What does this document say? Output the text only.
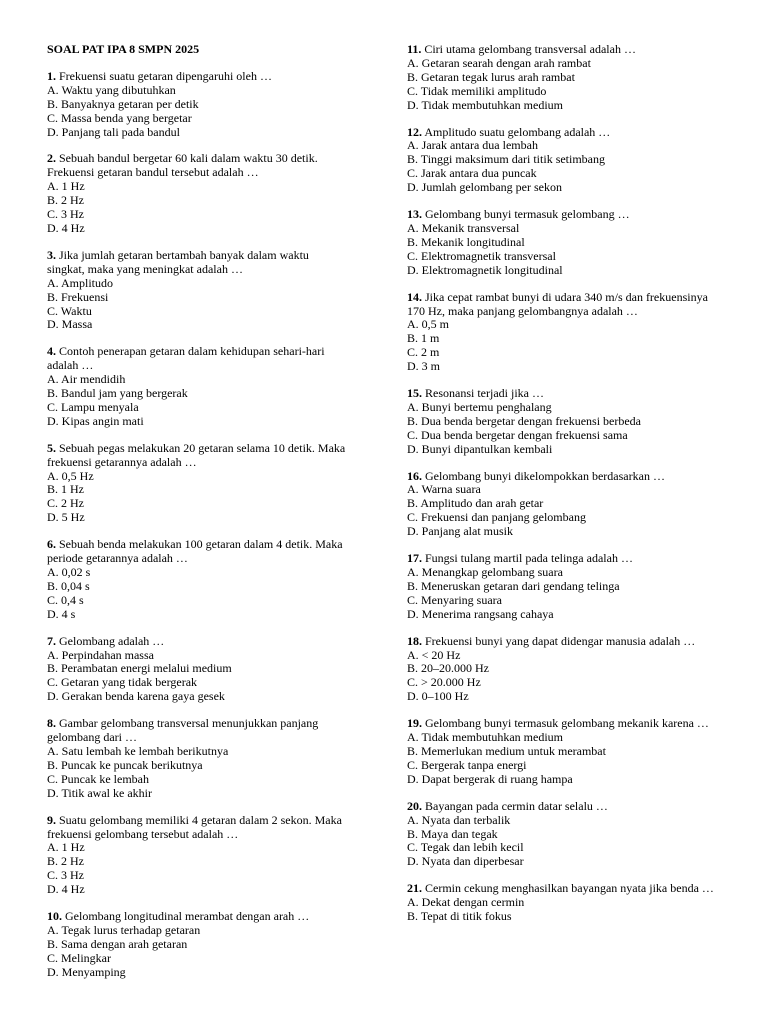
SOAL PAT IPA 8 SMPN 2025
1. Frekuensi suatu getaran dipengaruhi oleh …
A. Waktu yang dibutuhkan
B. Banyaknya getaran per detik
C. Massa benda yang bergetar
D. Panjang tali pada bandul
2. Sebuah bandul bergetar 60 kali dalam waktu 30 detik. Frekuensi getaran bandul tersebut adalah …
A. 1 Hz
B. 2 Hz
C. 3 Hz
D. 4 Hz
3. Jika jumlah getaran bertambah banyak dalam waktu singkat, maka yang meningkat adalah …
A. Amplitudo
B. Frekuensi
C. Waktu
D. Massa
4. Contoh penerapan getaran dalam kehidupan sehari-hari adalah …
A. Air mendidih
B. Bandul jam yang bergerak
C. Lampu menyala
D. Kipas angin mati
5. Sebuah pegas melakukan 20 getaran selama 10 detik. Maka frekuensi getarannya adalah …
A. 0,5 Hz
B. 1 Hz
C. 2 Hz
D. 5 Hz
6. Sebuah benda melakukan 100 getaran dalam 4 detik. Maka periode getarannya adalah …
A. 0,02 s
B. 0,04 s
C. 0,4 s
D. 4 s
7. Gelombang adalah …
A. Perpindahan massa
B. Perambatan energi melalui medium
C. Getaran yang tidak bergerak
D. Gerakan benda karena gaya gesek
8. Gambar gelombang transversal menunjukkan panjang gelombang dari …
A. Satu lembah ke lembah berikutnya
B. Puncak ke puncak berikutnya
C. Puncak ke lembah
D. Titik awal ke akhir
9. Suatu gelombang memiliki 4 getaran dalam 2 sekon. Maka frekuensi gelombang tersebut adalah …
A. 1 Hz
B. 2 Hz
C. 3 Hz
D. 4 Hz
10. Gelombang longitudinal merambat dengan arah …
A. Tegak lurus terhadap getaran
B. Sama dengan arah getaran
C. Melingkar
D. Menyamping
11. Ciri utama gelombang transversal adalah …
A. Getaran searah dengan arah rambat
B. Getaran tegak lurus arah rambat
C. Tidak memiliki amplitudo
D. Tidak membutuhkan medium
12. Amplitudo suatu gelombang adalah …
A. Jarak antara dua lembah
B. Tinggi maksimum dari titik setimbang
C. Jarak antara dua puncak
D. Jumlah gelombang per sekon
13. Gelombang bunyi termasuk gelombang …
A. Mekanik transversal
B. Mekanik longitudinal
C. Elektromagnetik transversal
D. Elektromagnetik longitudinal
14. Jika cepat rambat bunyi di udara 340 m/s dan frekuensinya 170 Hz, maka panjang gelombangnya adalah …
A. 0,5 m
B. 1 m
C. 2 m
D. 3 m
15. Resonansi terjadi jika …
A. Bunyi bertemu penghalang
B. Dua benda bergetar dengan frekuensi berbeda
C. Dua benda bergetar dengan frekuensi sama
D. Bunyi dipantulkan kembali
16. Gelombang bunyi dikelompokkan berdasarkan …
A. Warna suara
B. Amplitudo dan arah getar
C. Frekuensi dan panjang gelombang
D. Panjang alat musik
17. Fungsi tulang martil pada telinga adalah …
A. Menangkap gelombang suara
B. Meneruskan getaran dari gendang telinga
C. Menyaring suara
D. Menerima rangsang cahaya
18. Frekuensi bunyi yang dapat didengar manusia adalah …
A. < 20 Hz
B. 20–20.000 Hz
C. > 20.000 Hz
D. 0–100 Hz
19. Gelombang bunyi termasuk gelombang mekanik karena …
A. Tidak membutuhkan medium
B. Memerlukan medium untuk merambat
C. Bergerak tanpa energi
D. Dapat bergerak di ruang hampa
20. Bayangan pada cermin datar selalu …
A. Nyata dan terbalik
B. Maya dan tegak
C. Tegak dan lebih kecil
D. Nyata dan diperbesar
21. Cermin cekung menghasilkan bayangan nyata jika benda …
A. Dekat dengan cermin
B. Tepat di titik fokus
